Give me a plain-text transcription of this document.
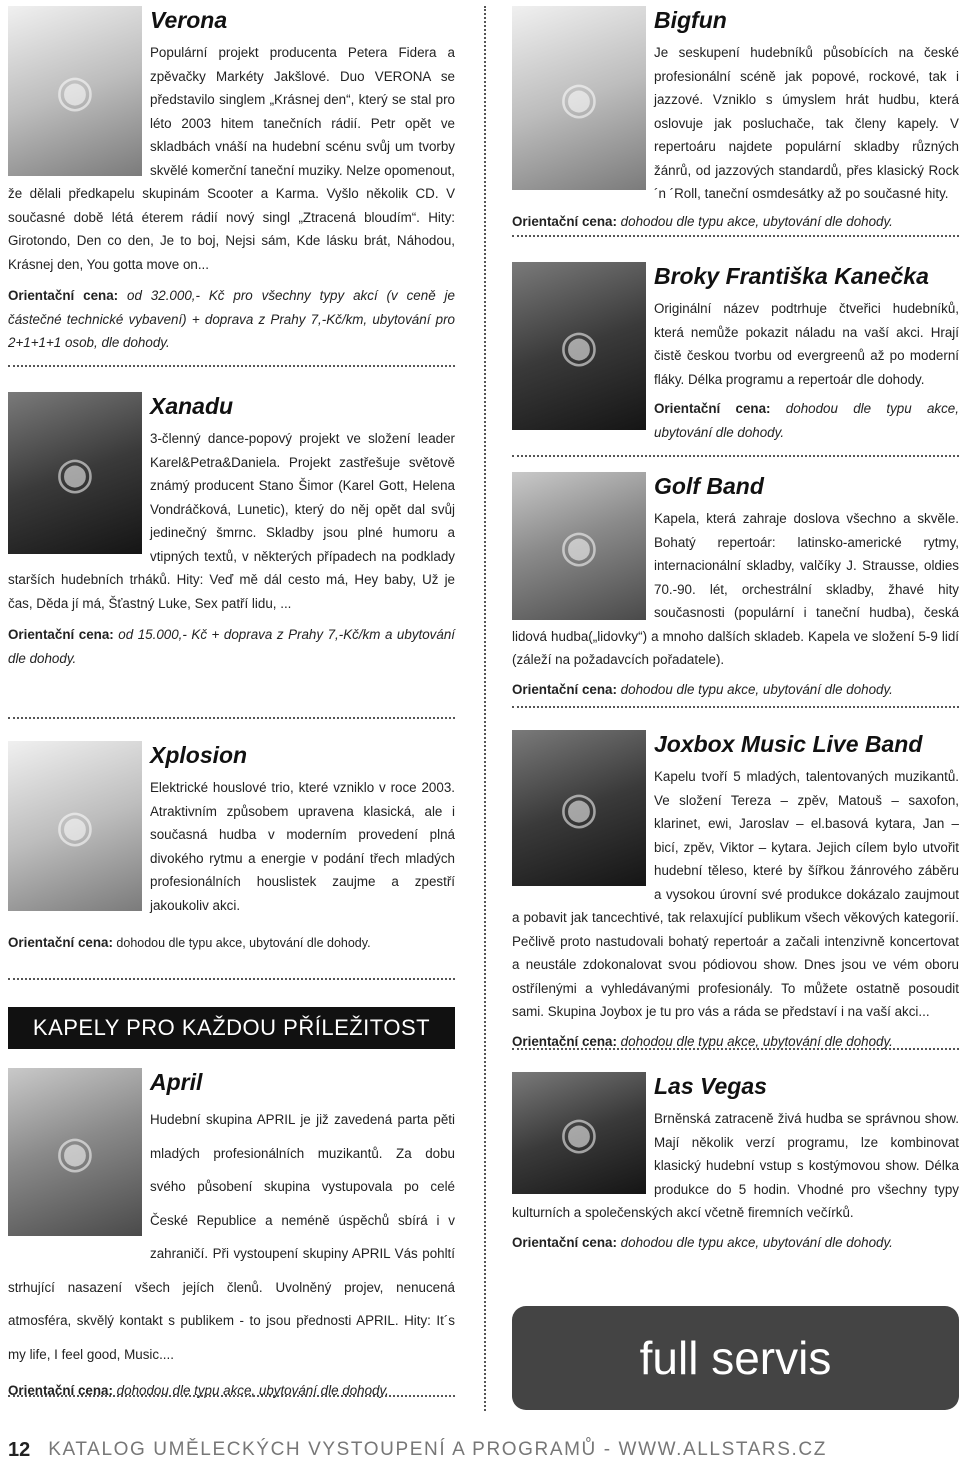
◉
Verona

Populární projekt producenta Petera Fidera a zpěvačky Markéty Jakšlové. Duo VERONA se představilo singlem „Krásnej den“, který se stal pro léto 2003 hitem tanečních rádií. Petr opět ve skladbách vnáší na hudební scénu svůj um tvorby skvělé komerční taneční muziky. Nelze opomenout, že dělali předkapelu skupinám Scooter a Karma. Vyšlo několik CD. V současné době létá éterem rádií nový singl „Ztracená bloudím“. Hity: Girotondo, Den co den, Je to boj, Nejsi sám, Kde lásku brát, Náhodou, Krásnej den, You gotta move on...

Orientační cena: od 32.000,- Kč pro všechny typy akcí (v ceně je částečné technické vybavení) + doprava z Prahy 7,-Kč/km, ubytování pro 2+1+1+1 osob, dle dohody.

◉
Xanadu

3-členný dance-popový projekt ve složení leader Karel&Petra&Daniela. Projekt zastřešuje světově známý producent Stano Šimor (Karel Gott, Helena Vondráčková, Lunetic), který do něj opět dal svůj jedinečný šmrnc. Skladby jsou plné humoru a vtipných textů, v některých případech na podklady starších hudebních trháků. Hity: Veď mě dál cesto má, Hey baby, Už je čas, Děda jí má, Šťastný Luke, Sex patří lidu, ...

Orientační cena: od 15.000,- Kč + doprava z Prahy 7,-Kč/km a ubytování dle dohody.

◉
Xplosion

Elektrické houslové trio, které vzniklo v roce 2003. Atraktivním způsobem upravena klasická, ale i současná hudba v moderním provedení plná divokého rytmu a energie v podání třech mladých profesionálních houslistek zaujme a zpestří jakoukoliv akci.

Orientační cena: dohodou dle typu akce, ubytování dle dohody.

KAPELY PRO KAŽDOU PŘÍLEŽITOST
◉
April

Hudební skupina APRIL je již zavedená parta pěti mladých profesionálních muzikantů. Za dobu svého působení skupina vystupovala po celé České Republice a neméně úspěchů sbírá i v zahraničí. Při vystoupení skupiny APRIL Vás pohltí strhující nasazení všech jejích členů. Uvolněný projev, nenucená atmosféra, skvělý kontakt s publikem - to jsou přednosti APRIL. Hity: It´s my life, I feel good, Music....

Orientační cena: dohodou dle typu akce, ubytování dle dohody.

◉
Bigfun

Je seskupení hudebníků působících na české profesionální scéně jak popové, rockové, tak i jazzové. Vzniklo s úmyslem hrát hudbu, která oslovuje jak posluchače, tak členy kapely. V repertoáru najdete populární skladby různých žánrů, od jazzových standardů, přes klasický Rock ´n ´Roll, taneční osmdesátky až po současné hity.

Orientační cena: dohodou dle typu akce, ubytování dle dohody.

◉
Broky Františka Kanečka

Originální název podtrhuje čtveřici hudebníků, která nemůže pokazit náladu na vaší akci. Hrají čistě českou tvorbu od evergreenů až po moderní fláky. Délka programu a repertoár dle dohody.

Orientační cena: dohodou dle typu akce, ubytování dle dohody.

◉
Golf Band

Kapela, která zahraje doslova všechno a skvěle. Bohatý repertoár: latinsko-americké rytmy, internacionální skladby, valčíky J. Strausse, oldies 70.-90. lét, orchestrální skladby, žhavé hity současnosti (populární i taneční hudba), česká lidová hudba(„lidovky“) a mnoho dalších skladeb. Kapela ve složení 5-9 lidí (záleží na požadavcích pořadatele).

Orientační cena: dohodou dle typu akce, ubytování dle dohody.

◉
Joxbox Music Live Band

Kapelu tvoří 5 mladých, talentovaných muzikantů. Ve složení Tereza – zpěv, Matouš – saxofon, klarinet, ewi, Jaroslav – el.basová kytara, Jan – bicí, zpěv, Viktor – kytara. Jejich cílem bylo utvořit hudební těleso, které by šířkou žánrového záběru a vysokou úrovní své produkce dokázalo zaujmout a pobavit jak tancechtivé, tak relaxující publikum všech věkových kategorií. Pečlivě proto nastudovali bohatý repertoár a začali intenzivně koncertovat a neustále zdokonalovat svou pódiovou show. Dnes jsou ve vém oboru ostřílenými a vyhledávanými profesionály. To můžete ostatně posoudit sami. Skupina Joybox je tu pro vás a ráda se představí i na vaší akci...

Orientační cena: dohodou dle typu akce, ubytování dle dohody.

◉
Las Vegas

Brněnská zatraceně živá hudba se správnou show. Mají několik verzí programu, lze kombinovat klasický hudební vstup s kostýmovou show. Délka produkce do 5 hodin. Vhodné pro všechny typy kulturních a společenských akcí včetně firemních večírků.

Orientační cena: dohodou dle typu akce, ubytování dle dohody.

full servis
12 KATALOG UMĚLECKÝCH VYSTOUPENÍ A PROGRAMŮ - WWW.ALLSTARS.CZ
